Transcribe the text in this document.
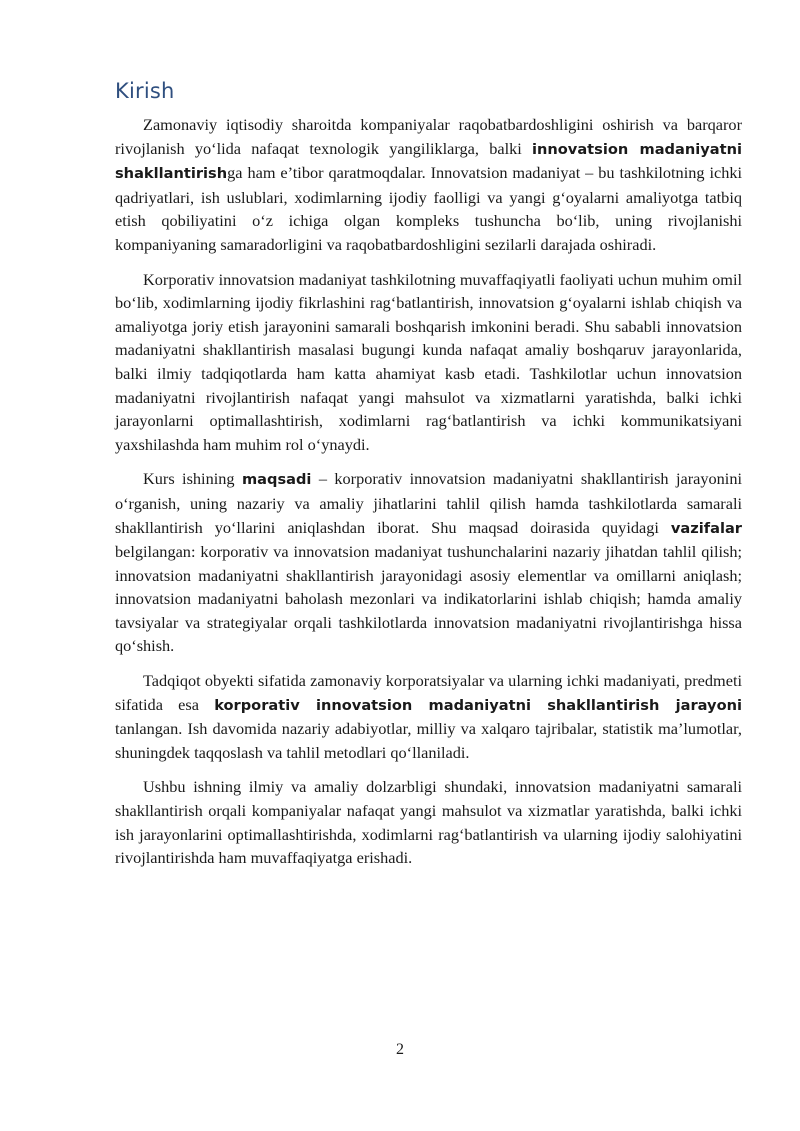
Kirish

Zamonaviy iqtisodiy sharoitda kompaniyalar raqobatbardoshligini oshirish va barqaror rivojlanish yo‘lida nafaqat texnologik yangiliklarga, balki innovatsion madaniyatni shakllantirishga ham e’tibor qaratmoqdalar. Innovatsion madaniyat – bu tashkilotning ichki qadriyatlari, ish uslublari, xodimlarning ijodiy faolligi va yangi g‘oyalarni amaliyotga tatbiq etish qobiliyatini o‘z ichiga olgan kompleks tushuncha bo‘lib, uning rivojlanishi kompaniyaning samaradorligini va raqobatbardoshligini sezilarli darajada oshiradi.

Korporativ innovatsion madaniyat tashkilotning muvaffaqiyatli faoliyati uchun muhim omil bo‘lib, xodimlarning ijodiy fikrlashini rag‘batlantirish, innovatsion g‘oyalarni ishlab chiqish va amaliyotga joriy etish jarayonini samarali boshqarish imkonini beradi. Shu sababli innovatsion madaniyatni shakllantirish masalasi bugungi kunda nafaqat amaliy boshqaruv jarayonlarida, balki ilmiy tadqiqotlarda ham katta ahamiyat kasb etadi. Tashkilotlar uchun innovatsion madaniyatni rivojlantirish nafaqat yangi mahsulot va xizmatlarni yaratishda, balki ichki jarayonlarni optimallashtirish, xodimlarni rag‘batlantirish va ichki kommunikatsiyani yaxshilashda ham muhim rol o‘ynaydi.

Kurs ishining maqsadi – korporativ innovatsion madaniyatni shakllantirish jarayonini o‘rganish, uning nazariy va amaliy jihatlarini tahlil qilish hamda tashkilotlarda samarali shakllantirish yo‘llarini aniqlashdan iborat. Shu maqsad doirasida quyidagi vazifalar belgilangan: korporativ va innovatsion madaniyat tushunchalarini nazariy jihatdan tahlil qilish; innovatsion madaniyatni shakllantirish jarayonidagi asosiy elementlar va omillarni aniqlash; innovatsion madaniyatni baholash mezonlari va indikatorlarini ishlab chiqish; hamda amaliy tavsiyalar va strategiyalar orqali tashkilotlarda innovatsion madaniyatni rivojlantirishga hissa qo‘shish.

Tadqiqot obyekti sifatida zamonaviy korporatsiyalar va ularning ichki madaniyati, predmeti sifatida esa korporativ innovatsion madaniyatni shakllantirish jarayoni tanlangan. Ish davomida nazariy adabiyotlar, milliy va xalqaro tajribalar, statistik ma’lumotlar, shuningdek taqqoslash va tahlil metodlari qo‘llaniladi.

Ushbu ishning ilmiy va amaliy dolzarbligi shundaki, innovatsion madaniyatni samarali shakllantirish orqali kompaniyalar nafaqat yangi mahsulot va xizmatlar yaratishda, balki ichki ish jarayonlarini optimallashtirishda, xodimlarni rag‘batlantirish va ularning ijodiy salohiyatini rivojlantirishda ham muvaffaqiyatga erishadi.

2
